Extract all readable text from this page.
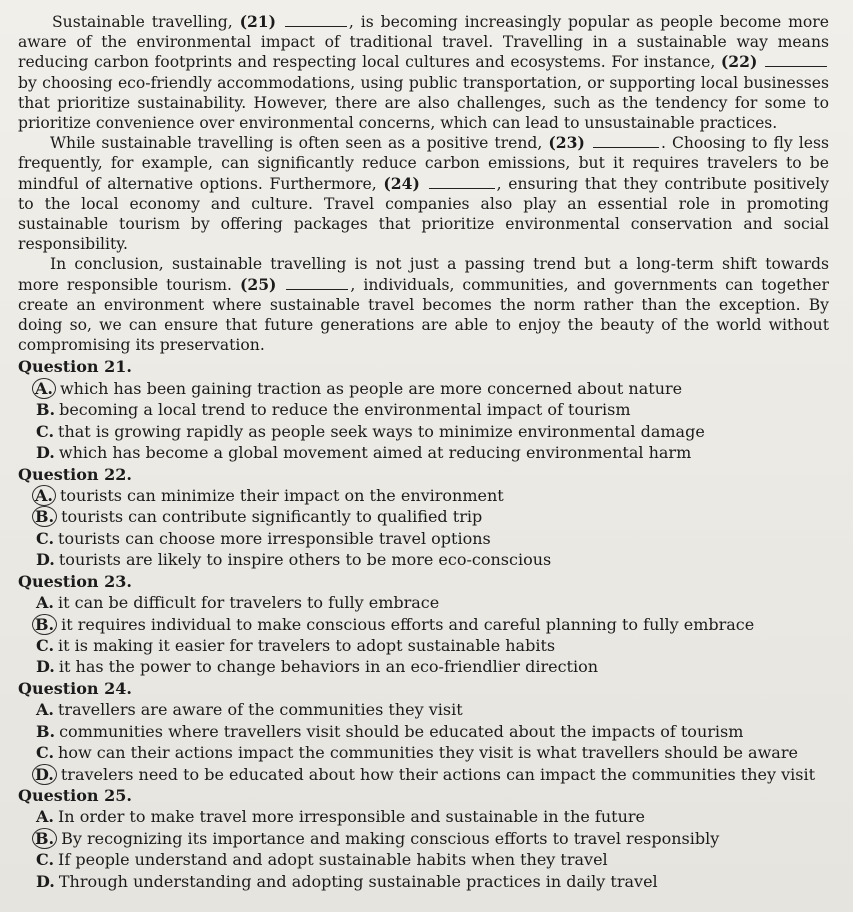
Sustainable travelling, (21)	, is becoming increasingly popular as people become more aware of the environmental impact of traditional travel. Travelling in a sustainable way means reducing carbon footprints and respecting local cultures and ecosystems. For instance, (22)  by choosing eco-friendly accommodations, using public transportation, or supporting local businesses that prioritize sustainability. However, there are also challenges, such as the tendency for some to prioritize convenience over environmental concerns, which can lead to unsustainable practices.

While sustainable travelling is often seen as a positive trend, (23)	. Choosing to fly less frequently, for example, can significantly reduce carbon emissions, but it requires travelers to be mindful of alternative options. Furthermore, (24)	, ensuring that they contribute positively to the local economy and culture. Travel companies also play an essential role in promoting sustainable tourism by offering packages that prioritize environmental conservation and social responsibility.

In conclusion, sustainable travelling is not just a passing trend but a long-term shift towards more responsible tourism. (25)	, individuals, communities, and governments can together create an environment where sustainable travel becomes the norm rather than the exception. By doing so, we can ensure that future generations are able to enjoy the beauty of the world without compromising its preservation.

Question 21.

A. which has been gaining traction as people are more concerned about nature

B. becoming a local trend to reduce the environmental impact of tourism

C. that is growing rapidly as people seek ways to minimize environmental damage

D. which has become a global movement aimed at reducing environmental harm

Question 22.

A. tourists can minimize their impact on the environment

B. tourists can contribute significantly to qualified trip

C. tourists can choose more irresponsible travel options

D. tourists are likely to inspire others to be more eco-conscious

Question 23.

A. it can be difficult for travelers to fully embrace

B. it requires individual to make conscious efforts and careful planning to fully embrace

C. it is making it easier for travelers to adopt sustainable habits

D. it has the power to change behaviors in an eco-friendlier direction

Question 24.

A. travellers are aware of the communities they visit

B. communities where travellers visit should be educated about the impacts of tourism

C. how can their actions impact the communities they visit is what travellers should be aware

D. travelers need to be educated about how their actions can impact the communities they visit

Question 25.

A. In order to make travel more irresponsible and sustainable in the future

B. By recognizing its importance and making conscious efforts to travel responsibly

C. If people understand and adopt sustainable habits when they travel

D. Through understanding and adopting sustainable practices in daily travel
